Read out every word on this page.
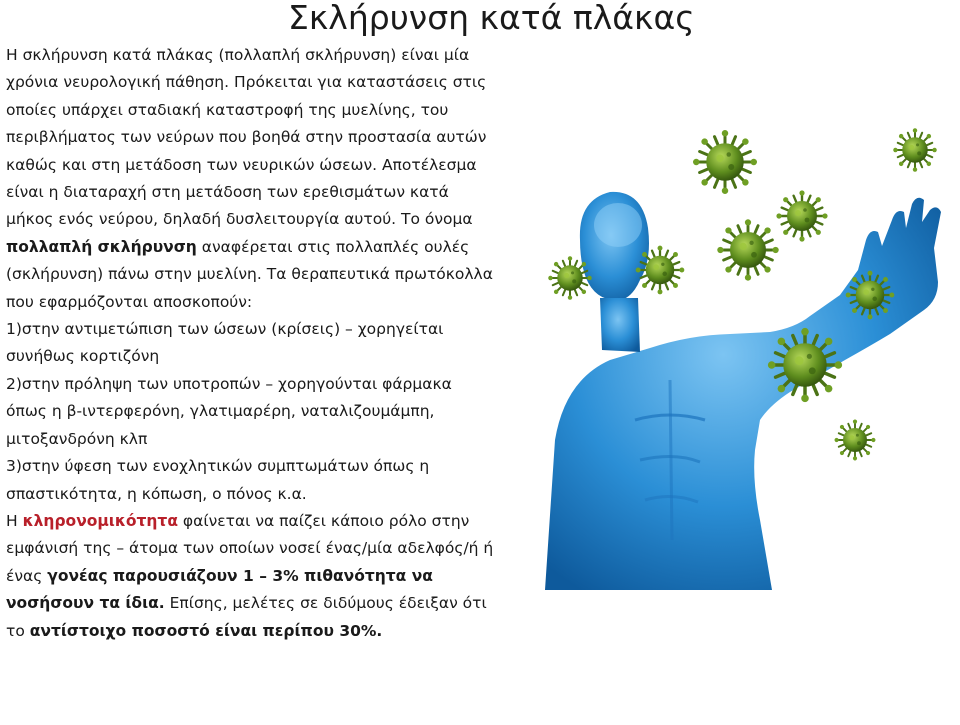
Σκλήρυνση κατά πλάκας

Η σκλήρυνση κατά πλάκας (πολλαπλή σκλήρυνση) είναι μία χρόνια νευρολογική πάθηση. Πρόκειται για καταστάσεις στις οποίες υπάρχει σταδιακή καταστροφή της μυελίνης, του περιβλήματος των νεύρων που βοηθά στην προστασία αυτών καθώς και στη μετάδοση των νευρικών ώσεων. Αποτέλεσμα είναι η διαταραχή στη μετάδοση των ερεθισμάτων κατά μήκος ενός νεύρου, δηλαδή δυσλειτουργία αυτού. Το όνομα πολλαπλή σκλήρυνση αναφέρεται στις πολλαπλές ουλές (σκλήρυνση) πάνω στην μυελίνη. Τα θεραπευτικά πρωτόκολλα που εφαρμόζονται αποσκοπούν:

1)στην αντιμετώπιση των ώσεων (κρίσεις) – χορηγείται συνήθως κορτιζόνη

2)στην πρόληψη των υποτροπών – χορηγούνται φάρμακα όπως η β-ιντερφερόνη, γλατιμαρέρη, ναταλιζουμάμπη, μιτοξανδρόνη κλπ

3)στην ύφεση των ενοχλητικών συμπτωμάτων όπως η σπαστικότητα, η κόπωση, ο πόνος κ.α.

Η κληρονομικότητα φαίνεται να παίζει κάποιο ρόλο στην εμφάνισή της – άτομα των οποίων νοσεί ένας/μία αδελφός/ή ή ένας γονέας παρουσιάζουν 1 – 3% πιθανότητα να νοσήσουν τα ίδια. Επίσης, μελέτες σε διδύμους έδειξαν ότι το αντίστοιχο ποσοστό είναι περίπου 30%.
